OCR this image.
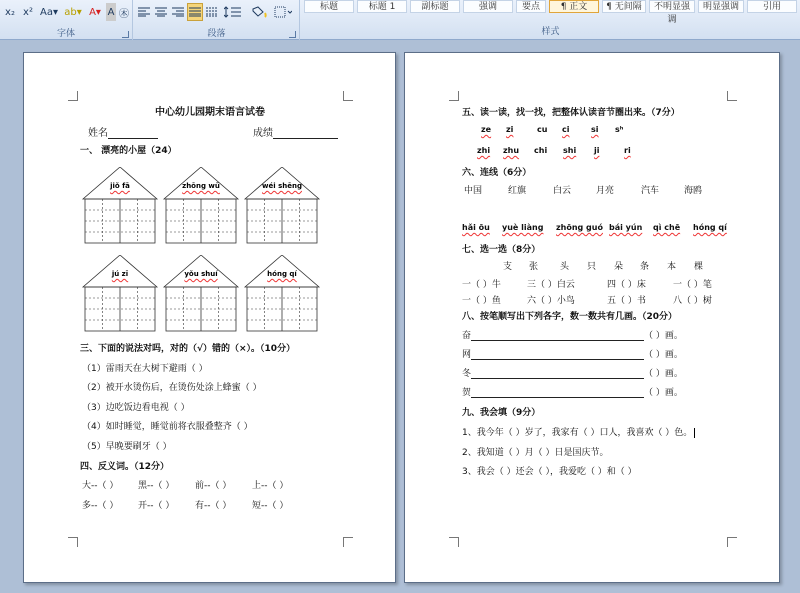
x₂ x² Aa▾ ab▾ A▾ A ㊍
字体	段落
标题	标题 1	副标题	强调	要点	¶ 正文	¶ 无间隔	不明显强调
明显强调	引用
样式
中心幼儿园期末语言试卷
姓名	成绩
一、 漂亮的小屋（24）
jiǒ fā	zhōng wū	wéi shēng
jú zī	yǒu shuí	hóng qí
三、下面的说法对吗，对的（√）错的（×）。（10分）
（1）雷雨天在大树下避雨（ ）
（2）被开水烫伤后，在烫伤处涂上蜂蜜（ ）
（3）边吃饭边看电视（ ）
（4）如时睡觉，睡觉前将衣服叠整齐（ ）
（5）早晚要刷牙（ ）
四、反义词。（12分）
大--（ ） 黑--（ ） 前--（ ） 上--（ ）
多--（ ） 开--（ ） 有--（ ） 短--（ ）
五、读一读，找一找，把整体认读音节圈出来。（7分）
ze zi	cu ci	si sʰ
zhi zhu chi shi ji	ri
六、连线（6分）
中国	红旗	白云	月亮	汽车	海鸥
hǎi ōu yuè liàng zhōng guó bái yún qì chē hóng qí
七、选一选（8分）
支 张 头 只 朵 条 本 棵
一（ ）牛	三（ ）白云	四（ ）床	一（ ）笔
一（ ）鱼	六（ ）小鸟	五（ ）书	八（ ）树
八、按笔顺写出下列各字，数一数共有几画。（20分）
奋	（ ）画。
网	（ ）画。
冬	（ ）画。
贺	（ ）画。
九、我会填（9分）
1、我今年（ ）岁了，我家有（ ）口人，我喜欢（ ）色。
2、我知道（ ）月（ ）日是国庆节。
3、我会（ ）还会（ ），我爱吃（ ）和（ ）
